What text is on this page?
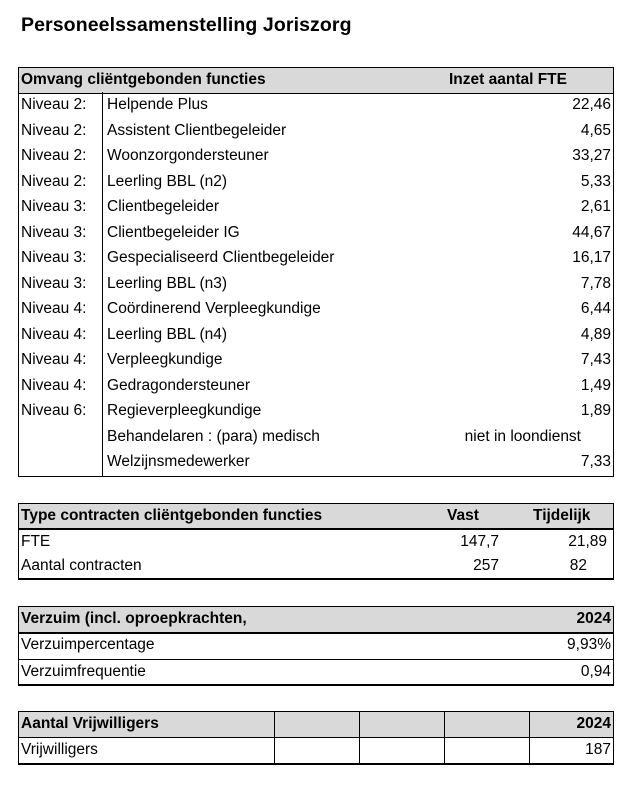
Personeelssamenstelling Joriszorg
Omvang cliëntgebonden functies	Inzet aantal FTE
Niveau 2: Helpende Plus	22,46
Niveau 2: Assistent Clientbegeleider	4,65
Niveau 2: Woonzorgondersteuner	33,27
Niveau 2: Leerling BBL (n2)	5,33
Niveau 3: Clientbegeleider	2,61
Niveau 3: Clientbegeleider IG	44,67
Niveau 3: Gespecialiseerd Clientbegeleider	16,17
Niveau 3: Leerling BBL (n3)	7,78
Niveau 4: Coördinerend Verpleegkundige	6,44
Niveau 4: Leerling BBL (n4)	4,89
Niveau 4: Verpleegkundige	7,43
Niveau 4: Gedragondersteuner	1,49
Niveau 6: Regieverpleegkundige	1,89
Behandelaren : (para) medisch	niet in loondienst
Welzijnsmedewerker	7,33
Type contracten cliëntgebonden functies	Vast	Tijdelijk
FTE	147,7	21,89
Aantal contracten	257	82
Verzuim (incl. oproepkrachten,	2024
Verzuimpercentage	9,93%
Verzuimfrequentie	0,94
Aantal Vrijwilligers	2024
Vrijwilligers	187
